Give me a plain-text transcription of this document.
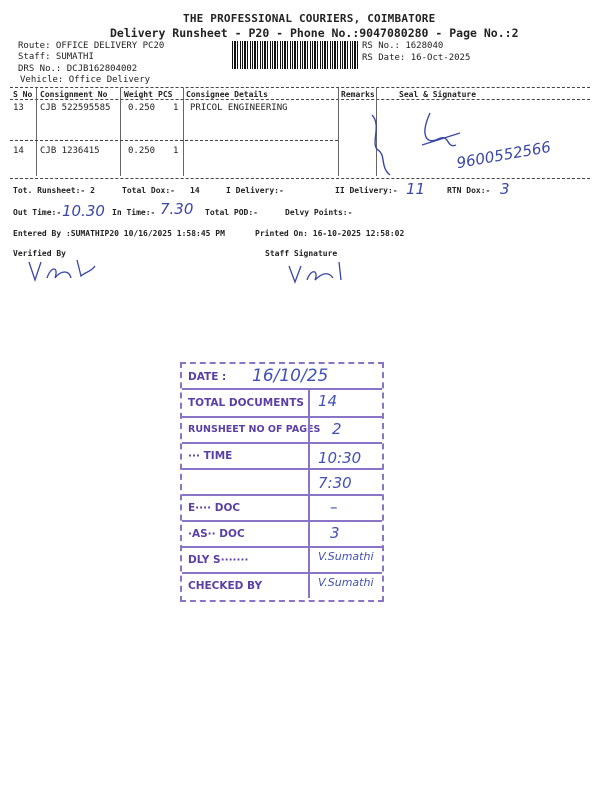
THE PROFESSIONAL COURIERS, COIMBATORE
Delivery Runsheet - P20 - Phone No.:9047080280 - Page No.:2
Route: OFFICE DELIVERY PC20
Staff: SUMATHI
DRS No.: DCJB162804002
Vehicle: Office Delivery
RS No.: 1628040
RS Date: 16-Oct-2025
S No Consignment No Weight PCS Consignee Details	Remarks	Seal & Signature
13 CJB 522595585 0.250 1 PRICOL ENGINEERING
14 CJB 1236415	0.250 1	9600552566
Tot. Runsheet:- 2	Total Dox:- 14	I Delivery:-	II Delivery:- 11	RTN Dox:- 3
Out Time:- 10.30 In Time:- 7.30 Total POD:-	Delvy Points:-
Entered By :SUMATHIP20 10/16/2025 1:58:45 PM	Printed On: 16-10-2025 12:58:02
Verified By	Staff Signature
DATE : 16/10/25
TOTAL DOCUMENTS 14
RUNSHEET NO OF PAGES 2
··· TIME	10:30
7:30
E···· DOC	–
·AS·· DOC	3
DLY S·······	V.Sumathi
CHECKED BY	V.Sumathi
